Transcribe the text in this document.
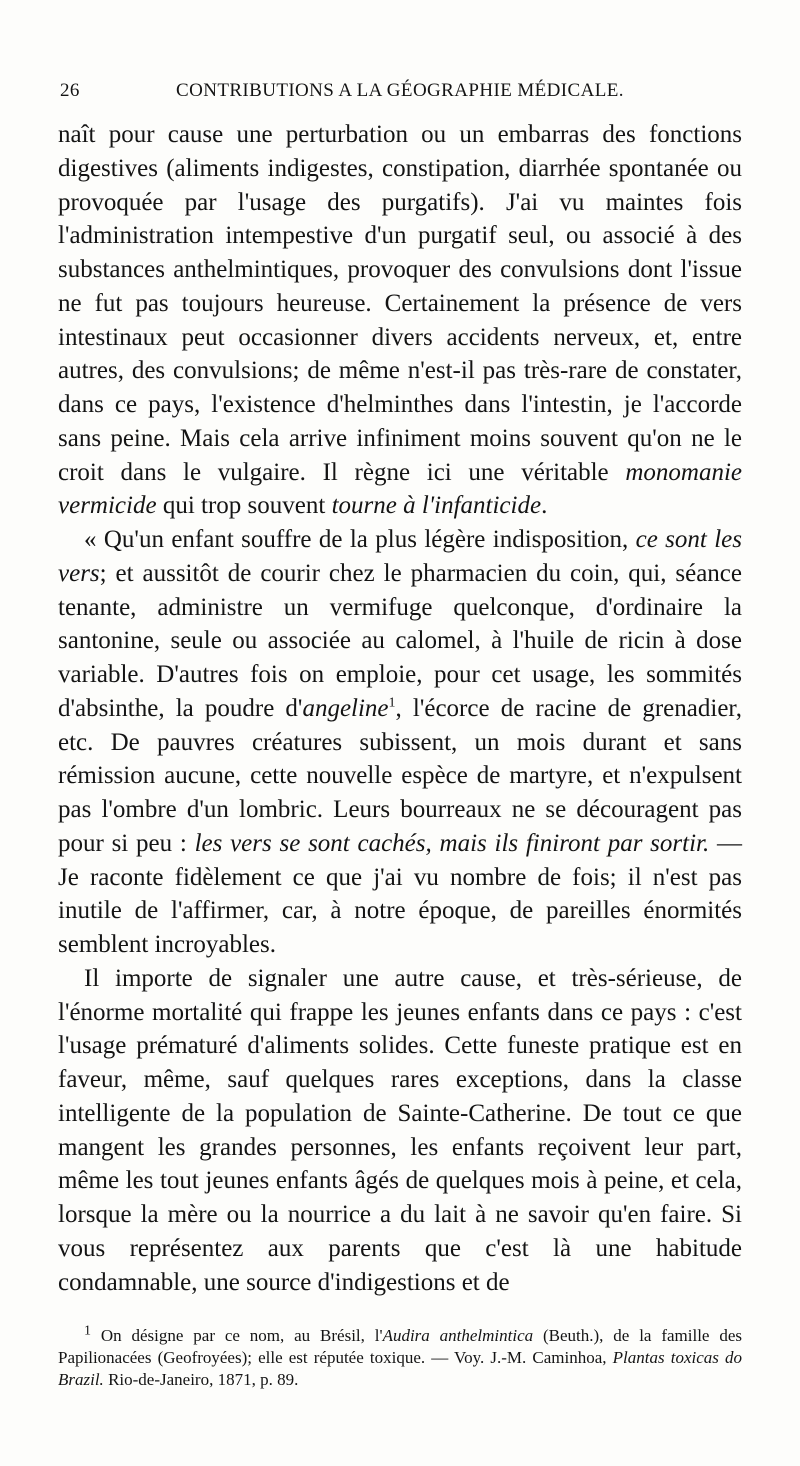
26	CONTRIBUTIONS A LA GÉOGRAPHIE MÉDICALE.

naît pour cause une perturbation ou un embarras des fonctions digestives (aliments indigestes, constipation, diarrhée spontanée ou provoquée par l'usage des purgatifs). J'ai vu maintes fois l'administration intempestive d'un purgatif seul, ou associé à des substances anthelmintiques, provoquer des convulsions dont l'issue ne fut pas toujours heureuse. Certainement la présence de vers intestinaux peut occasionner divers accidents nerveux, et, entre autres, des convulsions; de même n'est-il pas très-rare de constater, dans ce pays, l'existence d'helminthes dans l'intestin, je l'accorde sans peine. Mais cela arrive infiniment moins souvent qu'on ne le croit dans le vulgaire. Il règne ici une véritable monomanie vermicide qui trop souvent tourne à l'infanticide.

« Qu'un enfant souffre de la plus légère indisposition, ce sont les vers; et aussitôt de courir chez le pharmacien du coin, qui, séance tenante, administre un vermifuge quelconque, d'ordinaire la santonine, seule ou associée au calomel, à l'huile de ricin à dose variable. D'autres fois on emploie, pour cet usage, les sommités d'absinthe, la poudre d'angeline$^1$, l'écorce de racine de grenadier, etc. De pauvres créatures subissent, un mois durant et sans rémission aucune, cette nouvelle espèce de martyre, et n'expulsent pas l'ombre d'un lombric. Leurs bourreaux ne se découragent pas pour si peu : les vers se sont cachés, mais ils finiront par sortir. — Je raconte fidèlement ce que j'ai vu nombre de fois; il n'est pas inutile de l'affirmer, car, à notre époque, de pareilles énormités semblent incroyables.

Il importe de signaler une autre cause, et très-sérieuse, de l'énorme mortalité qui frappe les jeunes enfants dans ce pays : c'est l'usage prématuré d'aliments solides. Cette funeste pratique est en faveur, même, sauf quelques rares exceptions, dans la classe intelligente de la population de Sainte-Catherine. De tout ce que mangent les grandes personnes, les enfants reçoivent leur part, même les tout jeunes enfants âgés de quelques mois à peine, et cela, lorsque la mère ou la nourrice a du lait à ne savoir qu'en faire. Si vous représentez aux parents que c'est là une habitude condamnable, une source d'indigestions et de

$^1$ On désigne par ce nom, au Brésil, l'Audira anthelmintica (Beuth.), de la famille des Papilionacées (Geofroyées); elle est réputée toxique. — Voy. J.-M. Caminhoa, Plantas toxicas do Brazil. Rio-de-Janeiro, 1871, p. 89.
